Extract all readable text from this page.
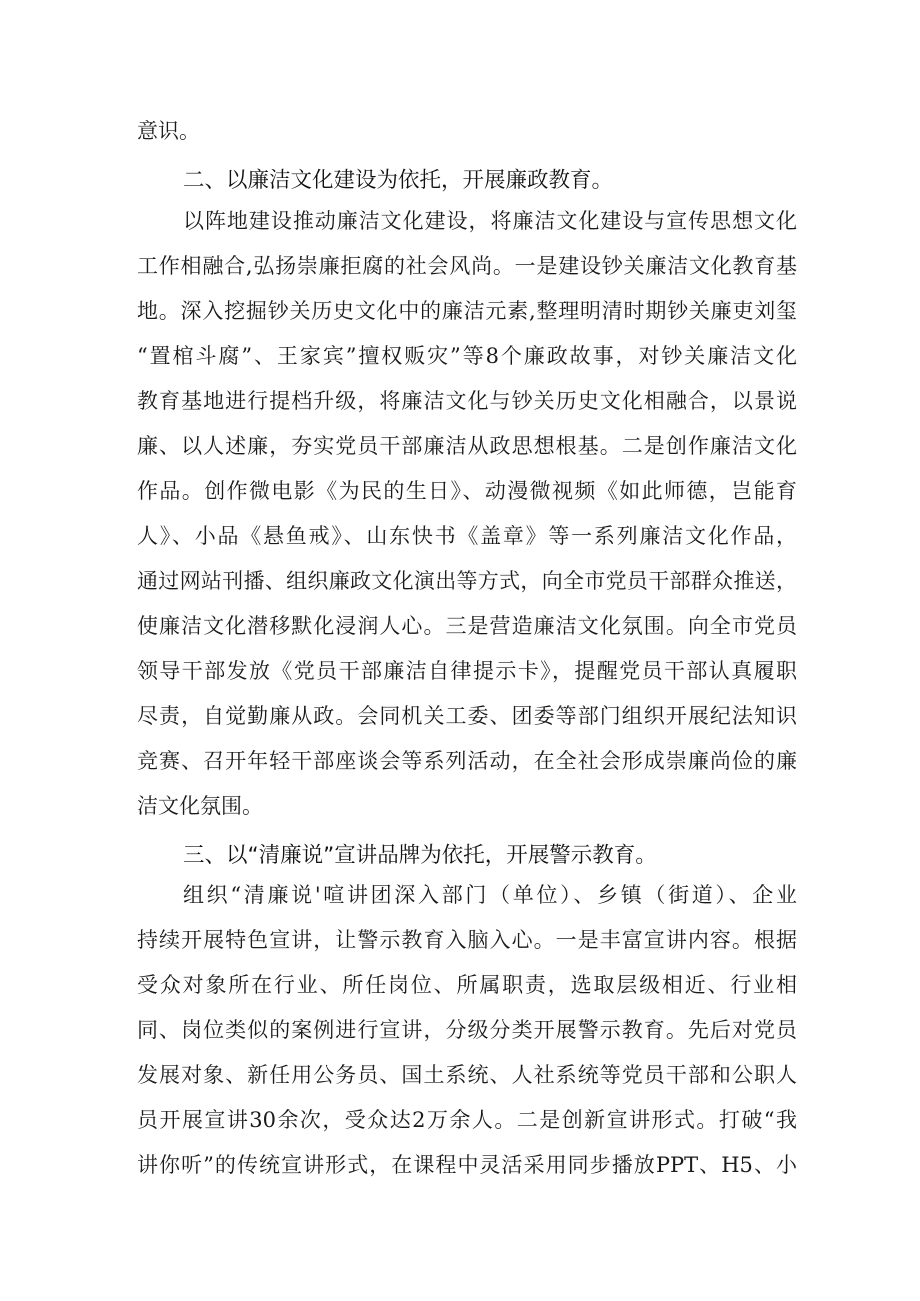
意识。
二、以廉洁文化建设为依托，开展廉政教育。
以阵地建设推动廉洁文化建设，将廉洁文化建设与宣传思想文化
工作相融合,弘扬崇廉拒腐的社会风尚。一是建设钞关廉洁文化教育基
地。深入挖掘钞关历史文化中的廉洁元素,整理明清时期钞关廉吏刘玺
“置棺斗腐”、王家宾”擅权贩灾”等8个廉政故事，对钞关廉洁文化
教育基地进行提档升级，将廉洁文化与钞关历史文化相融合，以景说
廉、以人述廉，夯实党员干部廉洁从政思想根基。二是创作廉洁文化
作品。创作微电影《为民的生日》、动漫微视频《如此师德，岂能育
人》、小品《悬鱼戒》、山东快书《盖章》等一系列廉洁文化作品，
通过网站刊播、组织廉政文化演出等方式，向全市党员干部群众推送，
使廉洁文化潜移默化浸润人心。三是营造廉洁文化氛围。向全市党员
领导干部发放《党员干部廉洁自律提示卡》，提醒党员干部认真履职
尽责，自觉勤廉从政。会同机关工委、团委等部门组织开展纪法知识
竞赛、召开年轻干部座谈会等系列活动，在全社会形成崇廉尚俭的廉
洁文化氛围。
三、以“清廉说”宣讲品牌为依托，开展警示教育。
组织“清廉说'喧讲团深入部门（单位）、乡镇（街道）、企业
持续开展特色宣讲，让警示教育入脑入心。一是丰富宣讲内容。根据
受众对象所在行业、所任岗位、所属职责，选取层级相近、行业相
同、岗位类似的案例进行宣讲，分级分类开展警示教育。先后对党员
发展对象、新任用公务员、国土系统、人社系统等党员干部和公职人
员开展宣讲30余次，受众达2万余人。二是创新宣讲形式。打破“我
讲你听”的传统宣讲形式，在课程中灵活采用同步播放PPT、H5、小
